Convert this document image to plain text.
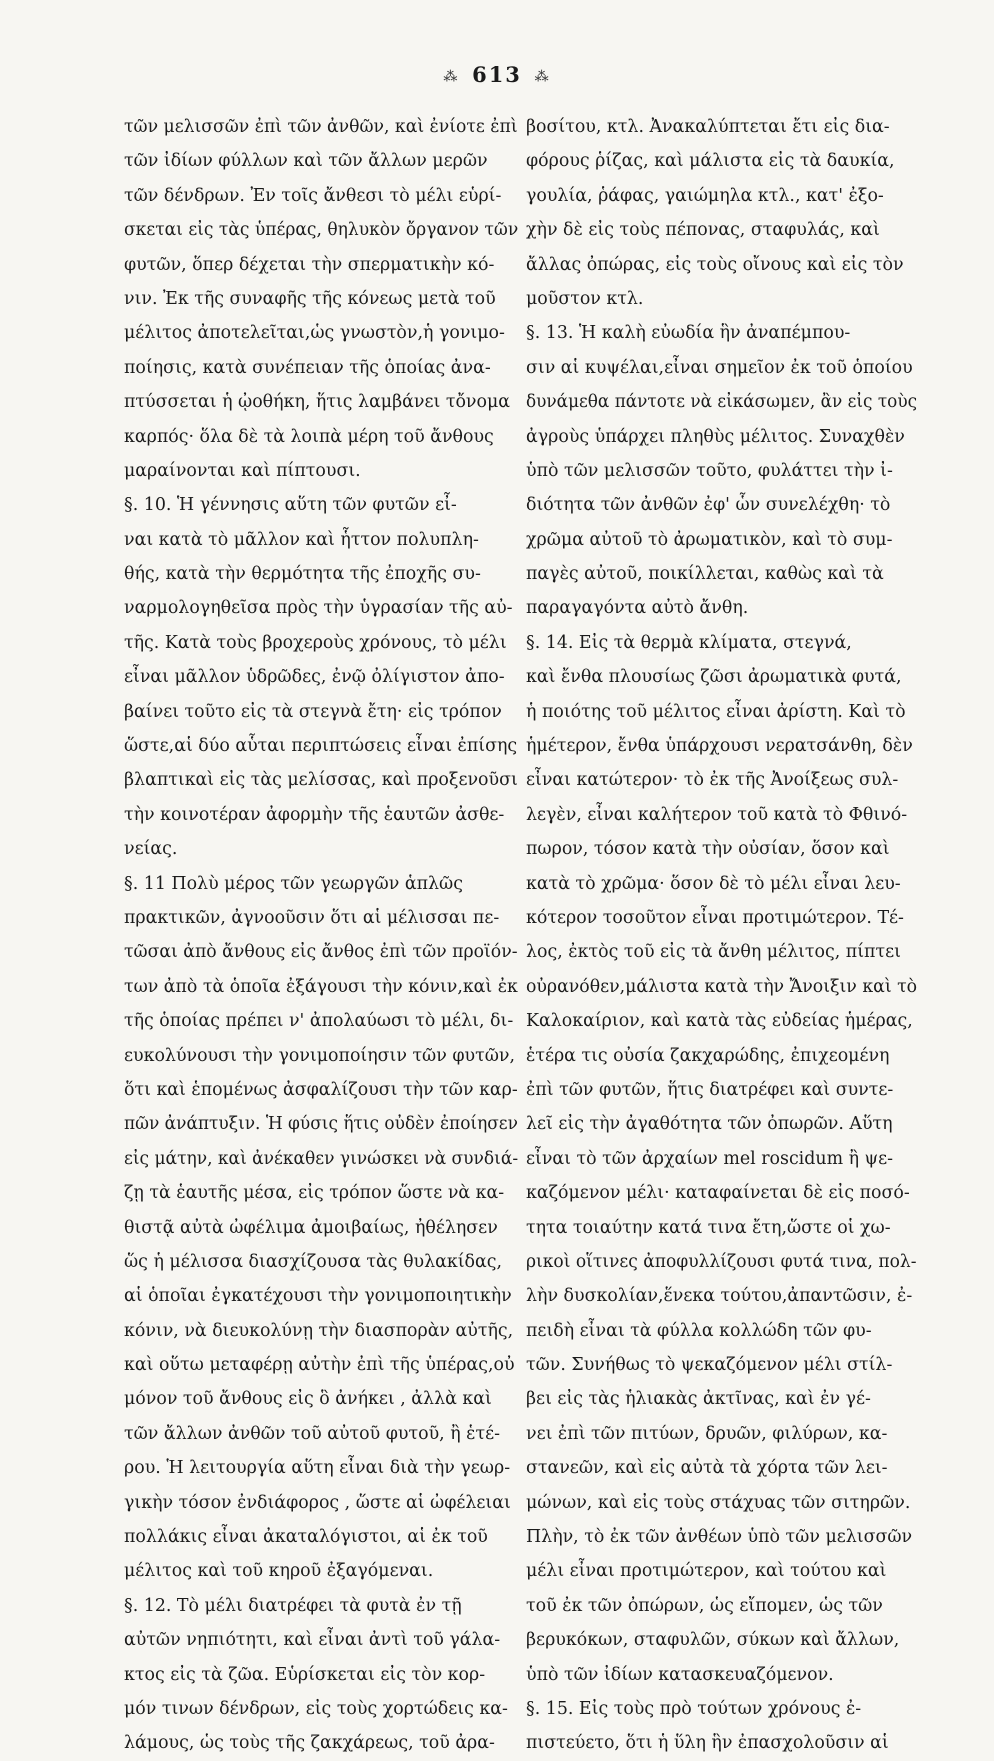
⁂ 613 ⁂
τῶν μελισσῶν ἐπὶ τῶν ἀνθῶν, καὶ ἐνίοτε ἐπὶ
τῶν ἰδίων φύλλων καὶ τῶν ἄλλων μερῶν
τῶν δένδρων. Ἐν τοῖς ἄνθεσι τὸ μέλι εὑρί-
σκεται εἰς τὰς ὑπέρας, θηλυκὸν ὄργανον τῶν
φυτῶν, ὅπερ δέχεται τὴν σπερματικὴν κό-
νιν. Ἐκ τῆς συναφῆς τῆς κόνεως μετὰ τοῦ
μέλιτος ἀποτελεῖται,ὡς γνωστὸν,ἡ γονιμο-
ποίησις, κατὰ συνέπειαν τῆς ὁποίας ἀνα-
πτύσσεται ἡ ᾠοθήκη, ἥτις λαμβάνει τὄνομα
καρπός· ὅλα δὲ τὰ λοιπὰ μέρη τοῦ ἄνθους
μαραίνονται καὶ πίπτουσι.
§. 10. Ἡ γέννησις αὕτη τῶν φυτῶν εἶ-
ναι κατὰ τὸ μᾶλλον καὶ ἧττον πολυπλη-
θής, κατὰ τὴν θερμότητα τῆς ἐποχῆς συ-
ναρμολογηθεῖσα πρὸς τὴν ὑγρασίαν τῆς αὐ-
τῆς. Κατὰ τοὺς βροχεροὺς χρόνους, τὸ μέλι
εἶναι μᾶλλον ὑδρῶδες, ἐνῷ ὀλίγιστον ἀπο-
βαίνει τοῦτο εἰς τὰ στεγνὰ ἔτη· εἰς τρόπον
ὥστε,αἱ δύο αὗται περιπτώσεις εἶναι ἐπίσης
βλαπτικαὶ εἰς τὰς μελίσσας, καὶ προξενοῦσι
τὴν κοινοτέραν ἀφορμὴν τῆς ἑαυτῶν ἀσθε-
νείας.
§. 11 Πολὺ μέρος τῶν γεωργῶν ἁπλῶς
πρακτικῶν, ἀγνοοῦσιν ὅτι αἱ μέλισσαι πε-
τῶσαι ἀπὸ ἄνθους εἰς ἄνθος ἐπὶ τῶν προϊόν-
των ἀπὸ τὰ ὁποῖα ἐξάγουσι τὴν κόνιν,καὶ ἐκ
τῆς ὁποίας πρέπει ν' ἀπολαύωσι τὸ μέλι, δι-
ευκολύνουσι τὴν γονιμοποίησιν τῶν φυτῶν,
ὅτι καὶ ἑπομένως ἀσφαλίζουσι τὴν τῶν καρ-
πῶν ἀνάπτυξιν. Ἡ φύσις ἥτις οὐδὲν ἐποίησεν
εἰς μάτην, καὶ ἀνέκαθεν γινώσκει νὰ συνδιά-
ζῃ τὰ ἑαυτῆς μέσα, εἰς τρόπον ὥστε νὰ κα-
θιστᾷ αὐτὰ ὠφέλιμα ἀμοιβαίως, ἠθέλησεν
ὥς ἡ μέλισσα διασχίζουσα τὰς θυλακίδας,
αἱ ὁποῖαι ἐγκατέχουσι τὴν γονιμοποιητικὴν
κόνιν, νὰ διευκολύνῃ τὴν διασπορὰν αὐτῆς,
καὶ οὕτω μεταφέρῃ αὐτὴν ἐπὶ τῆς ὑπέρας,οὐ
μόνον τοῦ ἄνθους εἰς ὃ ἀνήκει , ἀλλὰ καὶ
τῶν ἄλλων ἀνθῶν τοῦ αὐτοῦ φυτοῦ, ἢ ἑτέ-
ρου. Ἡ λειτουργία αὕτη εἶναι διὰ τὴν γεωρ-
γικὴν τόσον ἐνδιάφορος , ὥστε αἱ ὠφέλειαι
πολλάκις εἶναι ἀκαταλόγιστοι, αἱ ἐκ τοῦ
μέλιτος καὶ τοῦ κηροῦ ἐξαγόμεναι.
§. 12. Τὸ μέλι διατρέφει τὰ φυτὰ ἐν τῇ
αὐτῶν νηπιότητι, καὶ εἶναι ἀντὶ τοῦ γάλα-
κτος εἰς τὰ ζῶα. Εὑρίσκεται εἰς τὸν κορ-
μόν τινων δένδρων, εἰς τοὺς χορτώδεις κα-
λάμους, ὡς τοὺς τῆς ζακχάρεως, τοῦ ἀρα-
βοσίτου, κτλ. Ἀνακαλύπτεται ἔτι εἰς δια-
φόρους ῥίζας, καὶ μάλιστα εἰς τὰ δαυκία,
γουλία, ῥάφας, γαιώμηλα κτλ., κατ' ἐξο-
χὴν δὲ εἰς τοὺς πέπονας, σταφυλάς, καὶ
ἄλλας ὀπώρας, εἰς τοὺς οἴνους καὶ εἰς τὸν
μοῦστον κτλ.
§. 13. Ἡ καλὴ εὐωδία ἣν ἀναπέμπου-
σιν αἱ κυψέλαι,εἶναι σημεῖον ἐκ τοῦ ὁποίου
δυνάμεθα πάντοτε νὰ εἰκάσωμεν, ἂν εἰς τοὺς
ἀγροὺς ὑπάρχει πληθὺς μέλιτος. Συναχθὲν
ὑπὸ τῶν μελισσῶν τοῦτο, φυλάττει τὴν ἰ-
διότητα τῶν ἀνθῶν ἐφ' ὧν συνελέχθη· τὸ
χρῶμα αὐτοῦ τὸ ἀρωματικὸν, καὶ τὸ συμ-
παγὲς αὐτοῦ, ποικίλλεται, καθὼς καὶ τὰ
παραγαγόντα αὐτὸ ἄνθη.
§. 14. Εἰς τὰ θερμὰ κλίματα, στεγνά,
καὶ ἔνθα πλουσίως ζῶσι ἀρωματικὰ φυτά,
ἡ ποιότης τοῦ μέλιτος εἶναι ἀρίστη. Καὶ τὸ
ἡμέτερον, ἔνθα ὑπάρχουσι νερατσάνθη, δὲν
εἶναι κατώτερον· τὸ ἐκ τῆς Ἀνοίξεως συλ-
λεγὲν, εἶναι καλήτερον τοῦ κατὰ τὸ Φθινό-
πωρον, τόσον κατὰ τὴν οὐσίαν, ὅσον καὶ
κατὰ τὸ χρῶμα· ὅσον δὲ τὸ μέλι εἶναι λευ-
κότερον τοσοῦτον εἶναι προτιμώτερον. Τέ-
λος, ἐκτὸς τοῦ εἰς τὰ ἄνθη μέλιτος, πίπτει
οὐρανόθεν,μάλιστα κατὰ τὴν Ἄνοιξιν καὶ τὸ
Καλοκαίριον, καὶ κατὰ τὰς εὐδείας ἡμέρας,
ἑτέρα τις οὐσία ζακχαρώδης, ἐπιχεομένη
ἐπὶ τῶν φυτῶν, ἥτις διατρέφει καὶ συντε-
λεῖ εἰς τὴν ἀγαθότητα τῶν ὀπωρῶν. Αὕτη
εἶναι τὸ τῶν ἀρχαίων mel roscidum ἢ ψε-
καζόμενον μέλι· καταφαίνεται δὲ εἰς ποσό-
τητα τοιαύτην κατά τινα ἔτη,ὥστε οἱ χω-
ρικοὶ οἵτινες ἀποφυλλίζουσι φυτά τινα, πολ-
λὴν δυσκολίαν,ἕνεκα τούτου,ἀπαντῶσιν, ἐ-
πειδὴ εἶναι τὰ φύλλα κολλώδη τῶν φυ-
τῶν. Συνήθως τὸ ψεκαζόμενον μέλι στίλ-
βει εἰς τὰς ἡλιακὰς ἀκτῖνας, καὶ ἐν γέ-
νει ἐπὶ τῶν πιτύων, δρυῶν, φιλύρων, κα-
στανεῶν, καὶ εἰς αὐτὰ τὰ χόρτα τῶν λει-
μώνων, καὶ εἰς τοὺς στάχυας τῶν σιτηρῶν.
Πλὴν, τὸ ἐκ τῶν ἀνθέων ὑπὸ τῶν μελισσῶν
μέλι εἶναι προτιμώτερον, καὶ τούτου καὶ
τοῦ ἐκ τῶν ὀπώρων, ὡς εἴπομεν, ὡς τῶν
βερυκόκων, σταφυλῶν, σύκων καὶ ἄλλων,
ὑπὸ τῶν ἰδίων κατασκευαζόμενον.
§. 15. Εἰς τοὺς πρὸ τούτων χρόνους ἐ-
πιστεύετο, ὅτι ἡ ὕλη ἣν ἐπασχολοῦσιν αἱ
